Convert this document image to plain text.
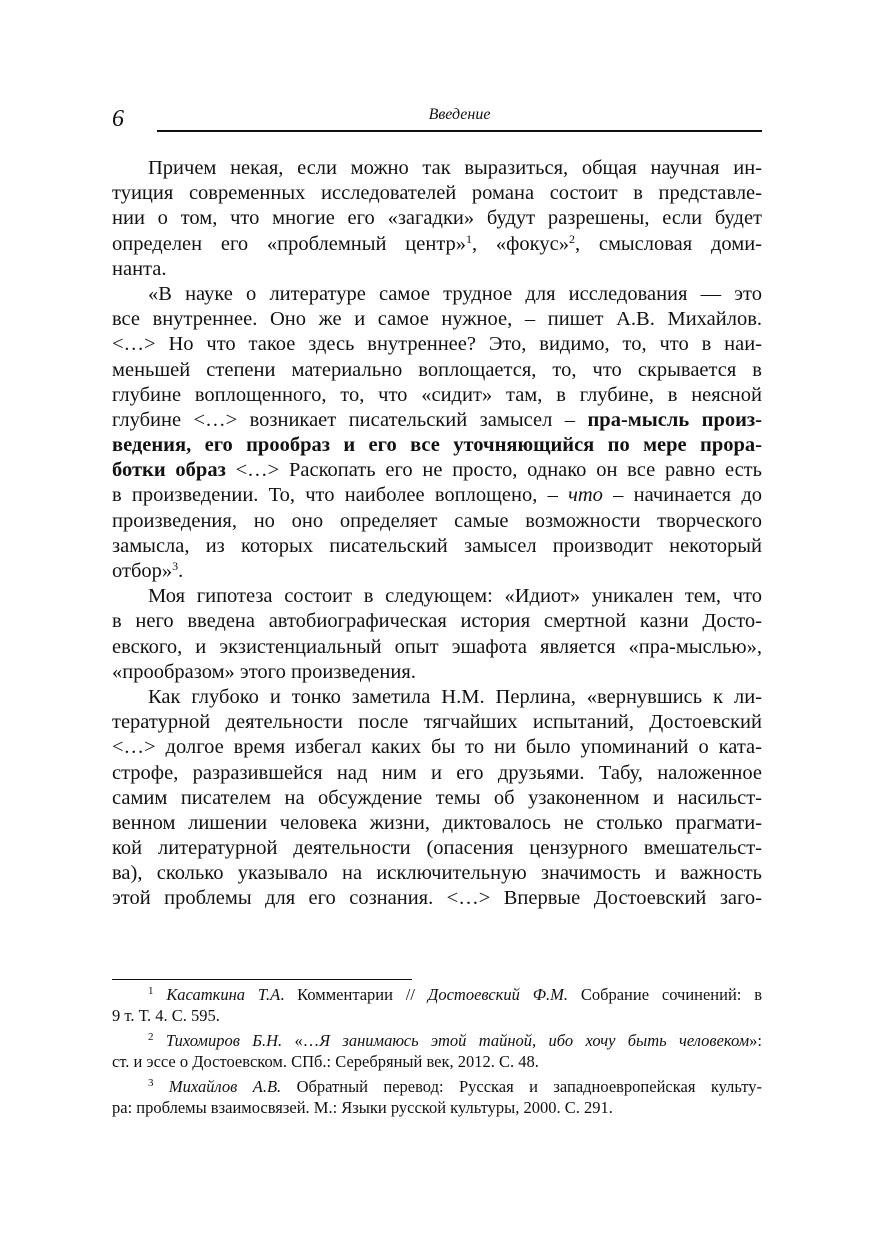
6	Введение
Причем некая, если можно так выразиться, общая научная ин-
туиция современных исследователей романа состоит в представле-
нии о том, что многие его «загадки» будут разрешены, если будет
определен его «проблемный центр»$^1$, «фокус»$^2$, смысловая доми-
нанта.
«В науке о литературе самое трудное для исследования — это
все внутреннее. Оно же и самое нужное, – пишет А.В. Михайлов.
<…> Но что такое здесь внутреннее? Это, видимо, то, что в наи-
меньшей степени материально воплощается, то, что скрывается в
глубине воплощенного, то, что «сидит» там, в глубине, в неясной
глубине <…> возникает писательский замысел – пра-мысль произ-
ведения, его прообраз и его все уточняющийся по мере прора-
ботки образ <…> Раскопать его не просто, однако он все равно есть
в произведении. То, что наиболее воплощено, – что – начинается до
произведения, но оно определяет самые возможности творческого
замысла, из которых писательский замысел производит некоторый
отбор»$^3$.
Моя гипотеза состоит в следующем: «Идиот» уникален тем, что
в него введена автобиографическая история смертной казни Досто-
евского, и экзистенциальный опыт эшафота является «пра-мыслью»,
«прообразом» этого произведения.
Как глубоко и тонко заметила Н.М. Перлина, «вернувшись к ли-
тературной деятельности после тягчайших испытаний, Достоевский
<…> долгое время избегал каких бы то ни было упоминаний о ката-
строфе, разразившейся над ним и его друзьями. Табу, наложенное
самим писателем на обсуждение темы об узаконенном и насильст-
венном лишении человека жизни, диктовалось не столько прагмати-
кой литературной деятельности (опасения цензурного вмешательст-
ва), сколько указывало на исключительную значимость и важность
этой проблемы для его сознания. <…> Впервые Достоевский заго-
$^1$ Касаткина Т.А. Комментарии // Достоевский Ф.М. Собрание сочинений: в
9 т. Т. 4. С. 595.
$^2$ Тихомиров Б.Н. «…Я занимаюсь этой тайной, ибо хочу быть человеком»:
ст. и эссе о Достоевском. СПб.: Серебряный век, 2012. С. 48.
$^3$ Михайлов А.В. Обратный перевод: Русская и западноевропейская культу-
ра: проблемы взаимосвязей. М.: Языки русской культуры, 2000. С. 291.
